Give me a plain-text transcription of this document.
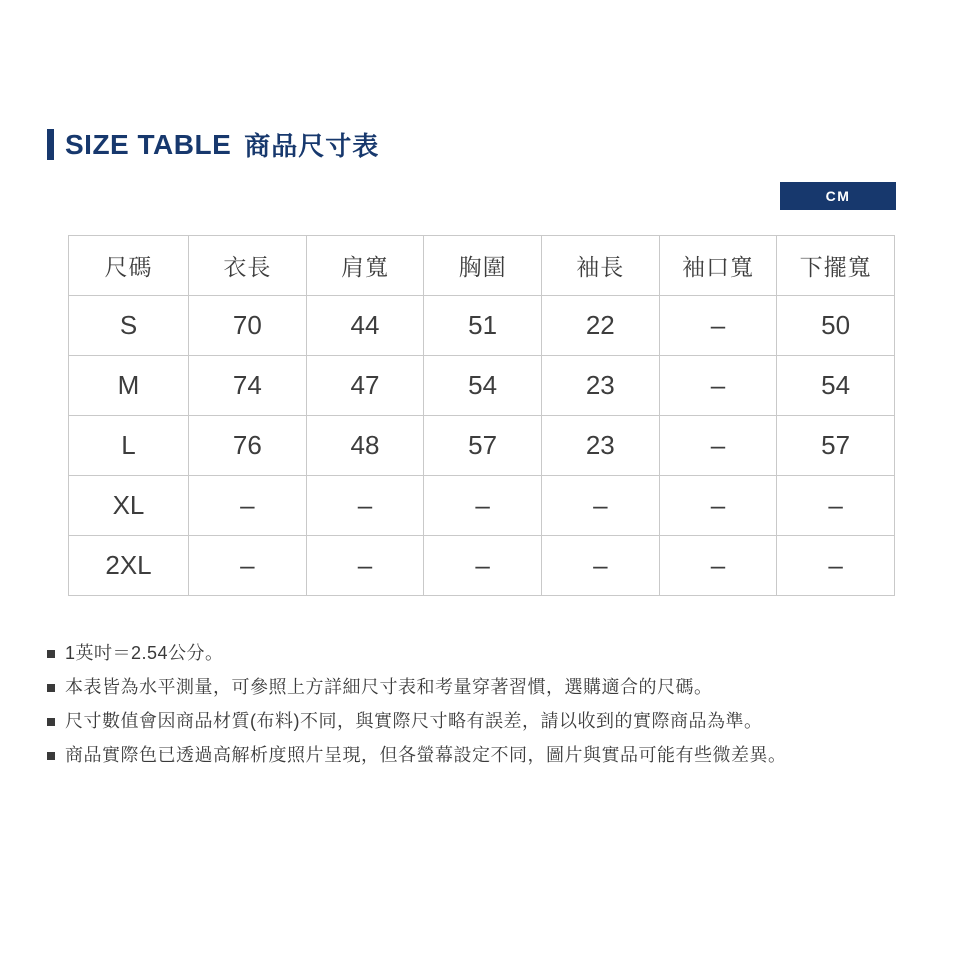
SIZE TABLE 商品尺寸表
CM
尺碼	衣長	肩寬	胸圍	袖長	袖口寬	下擺寬
S	70	44	51	22	–	50
M	74	47	54	23	–	54
L	76	48	57	23	–	57
XL	–	–	–	–	–	–
2XL	–	–	–	–	–	–
1英吋＝2.54公分。
本表皆為水平測量，可參照上方詳細尺寸表和考量穿著習慣，選購適合的尺碼。
尺寸數值會因商品材質(布料)不同，與實際尺寸略有誤差，請以收到的實際商品為準。
商品實際色已透過高解析度照片呈現，但各螢幕設定不同，圖片與實品可能有些微差異。
